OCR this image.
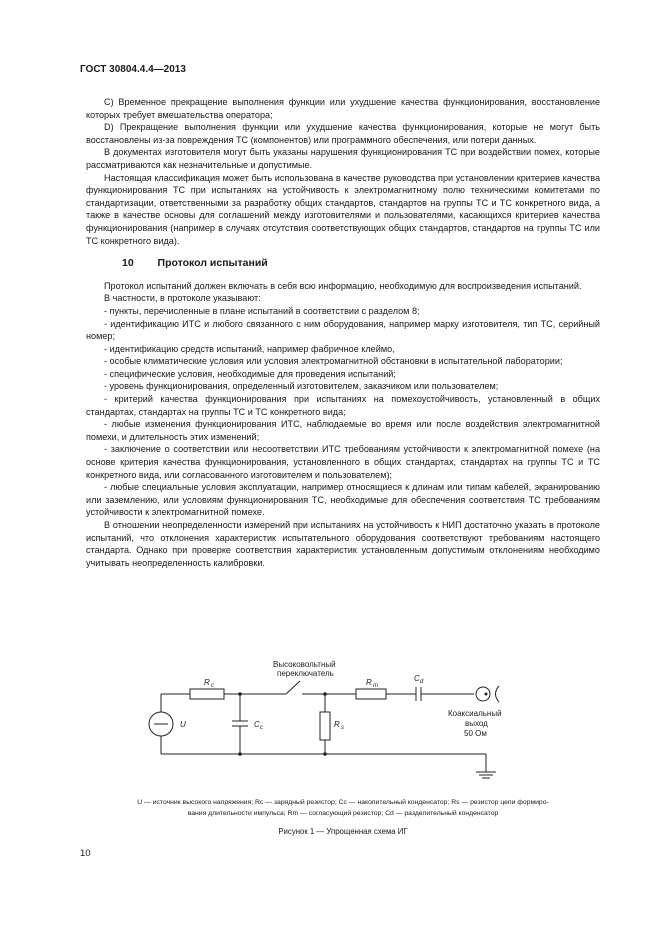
ГОСТ 30804.4.4—2013

C) Временное прекращение выполнения функции или ухудшение качества функционирования, восстановление которых требует вмешательства оператора;

D) Прекращение выполнения функции или ухудшение качества функционирования, которые не могут быть восстановлены из-за повреждения ТС (компонентов) или программного обеспечения, или потери данных.

В документах изготовителя могут быть указаны нарушения функционирования ТС при воздействии помех, которые рассматриваются как незначительные и допустимые.

Настоящая классификация может быть использована в качестве руководства при установлении критериев качества функционирования ТС при испытаниях на устойчивость к электромагнитному полю техническими комитетами по стандартизации, ответственными за разработку общих стандартов, стандартов на группы ТС и ТС конкретного вида, а также в качестве основы для соглашений между изготовителями и пользователями, касающихся критериев качества функционирования (например в случаях отсутствия соответствующих общих стандартов, стандартов на группы ТС или ТС конкретного вида).

10 Протокол испытаний

Протокол испытаний должен включать в себя всю информацию, необходимую для воспроизведения испытаний.

В частности, в протоколе указывают:

- пункты, перечисленные в плане испытаний в соответствии с разделом 8;

- идентификацию ИТС и любого связанного с ним оборудования, например марку изготовителя, тип ТС, серийный номер;

- идентификацию средств испытаний, например фабричное клеймо,

- особые климатические условия или условия электромагнитной обстановки в испытательной лаборатории;

- специфические условия, необходимые для проведения испытаний;

- уровень функционирования, определенный изготовителем, заказчиком или пользователем;

- критерий качества функционирования при испытаниях на помехоустойчивость, установленный в общих стандартах, стандартах на группы ТС и ТС конкретного вида;

- любые изменения функционирования ИТС, наблюдаемые во время или после воздействия электромагнитной помехи, и длительность этих изменений;

- заключение о соответствии или несоответствии ИТС требованиям устойчивости к электромагнитной помехе (на основе критерия качества функционирования, установленного в общих стандартах, стандартах на группы ТС и ТС конкретного вида, или согласованного изготовителем и пользователем);

- любые специальные условия эксплуатации, например относящиеся к длинам или типам кабелей, экранированию или заземлению, или условиям функционирования ТС, необходимые для обеспечения соответствия ТС требованиям устойчивости к электромагнитной помехе.

В отношении неопределенности измерений при испытаниях на устойчивость к НИП достаточно указать в протоколе испытаний, что отклонения характеристик испытательного оборудования соответствуют требованиям настоящего стандарта. Однако при проверке соответствия характеристик установленным допустимым отклонениям необходимо учитывать неопределенность калибровки.

Высоковольтный
переключатель
R c	R m
C d
C c	R s
U
Коаксиальный
выход
50 Ом
U — источник высокого напряжения; Rc — зарядный резистор; Cc — накопительный конденсатор; Rs — резистор цепи формиро-
вания длительности импульса; Rm — согласующий резистор; Cd — разделительный конденсатор
Рисунок 1 — Упрощенная схема ИГ
10
